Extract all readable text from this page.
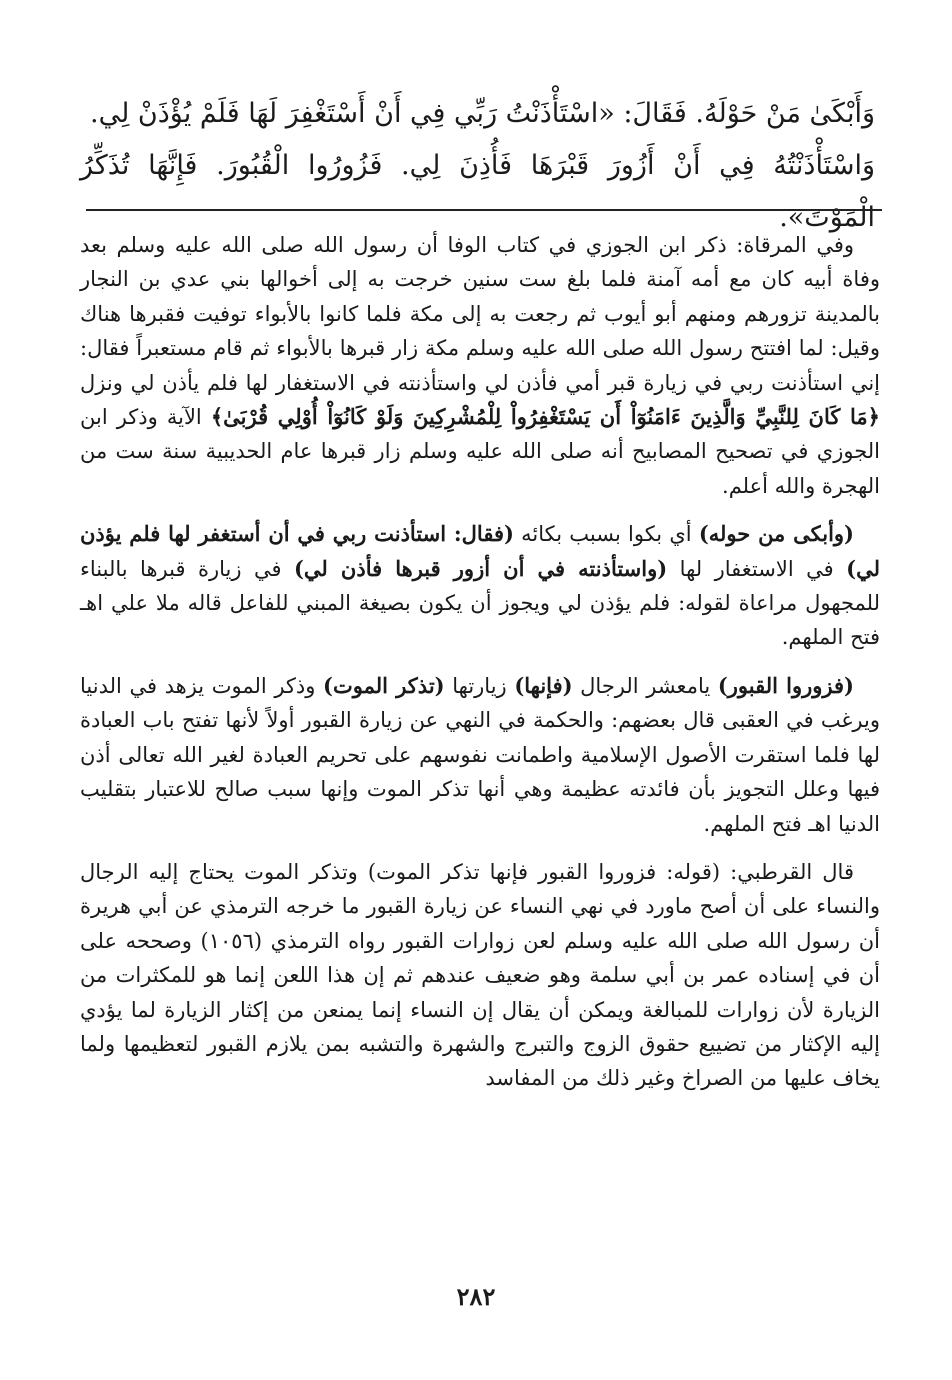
وَأَبْكَىٰ مَنْ حَوْلَهُ. فَقَالَ: «اسْتَأْذَنْتُ رَبِّي فِي أَنْ أَسْتَغْفِرَ لَهَا فَلَمْ يُؤْذَنْ لِي.

وَاسْتَأْذَنْتُهُ فِي أَنْ أَزُورَ قَبْرَهَا فَأُذِنَ لِي. فَزُورُوا الْقُبُورَ. فَإِنَّهَا تُذَكِّرُ الْمَوْتَ».

وفي المرقاة: ذكر ابن الجوزي في كتاب الوفا أن رسول الله صلى الله عليه وسلم بعد وفاة أبيه كان مع أمه آمنة فلما بلغ ست سنين خرجت به إلى أخوالها بني عدي بن النجار بالمدينة تزورهم ومنهم أبو أيوب ثم رجعت به إلى مكة فلما كانوا بالأبواء توفيت فقبرها هناك وقيل: لما افتتح رسول الله صلى الله عليه وسلم مكة زار قبرها بالأبواء ثم قام مستعبراً فقال: إني استأذنت ربي في زيارة قبر أمي فأذن لي واستأذنته في الاستغفار لها فلم يأذن لي ونزل ﴿مَا كَانَ لِلنَّبِيِّ وَالَّذِينَ ءَامَنُوٓاْ أَن يَسْتَغْفِرُواْ لِلْمُشْرِكِينَ وَلَوْ كَانُوٓاْ أُوْلِي قُرْبَىٰ﴾ الآية وذكر ابن الجوزي في تصحيح المصابيح أنه صلى الله عليه وسلم زار قبرها عام الحديبية سنة ست من الهجرة والله أعلم.

(وأبكى من حوله) أي بكوا بسبب بكائه (فقال: استأذنت ربي في أن أستغفر لها فلم يؤذن لي) في الاستغفار لها (واستأذنته في أن أزور قبرها فأذن لي) في زيارة قبرها بالبناء للمجهول مراعاة لقوله: فلم يؤذن لي ويجوز أن يكون بصيغة المبني للفاعل قاله ملا علي اهـ فتح الملهم.

(فزوروا القبور) يامعشر الرجال (فإنها) زيارتها (تذكر الموت) وذكر الموت يزهد في الدنيا ويرغب في العقبى قال بعضهم: والحكمة في النهي عن زيارة القبور أولاً لأنها تفتح باب العبادة لها فلما استقرت الأصول الإسلامية واطمانت نفوسهم على تحريم العبادة لغير الله تعالى أذن فيها وعلل التجويز بأن فائدته عظيمة وهي أنها تذكر الموت وإنها سبب صالح للاعتبار بتقليب الدنيا اهـ فتح الملهم.

قال القرطبي: (قوله: فزوروا القبور فإنها تذكر الموت) وتذكر الموت يحتاج إليه الرجال والنساء على أن أصح ماورد في نهي النساء عن زيارة القبور ما خرجه الترمذي عن أبي هريرة أن رسول الله صلى الله عليه وسلم لعن زوارات القبور رواه الترمذي (١٠٥٦) وصححه على أن في إسناده عمر بن أبي سلمة وهو ضعيف عندهم ثم إن هذا اللعن إنما هو للمكثرات من الزيارة لأن زوارات للمبالغة ويمكن أن يقال إن النساء إنما يمنعن من إكثار الزيارة لما يؤدي إليه الإكثار من تضييع حقوق الزوج والتبرج والشهرة والتشبه بمن يلازم القبور لتعظيمها ولما يخاف عليها من الصراخ وغير ذلك من المفاسد

٢٨٢
